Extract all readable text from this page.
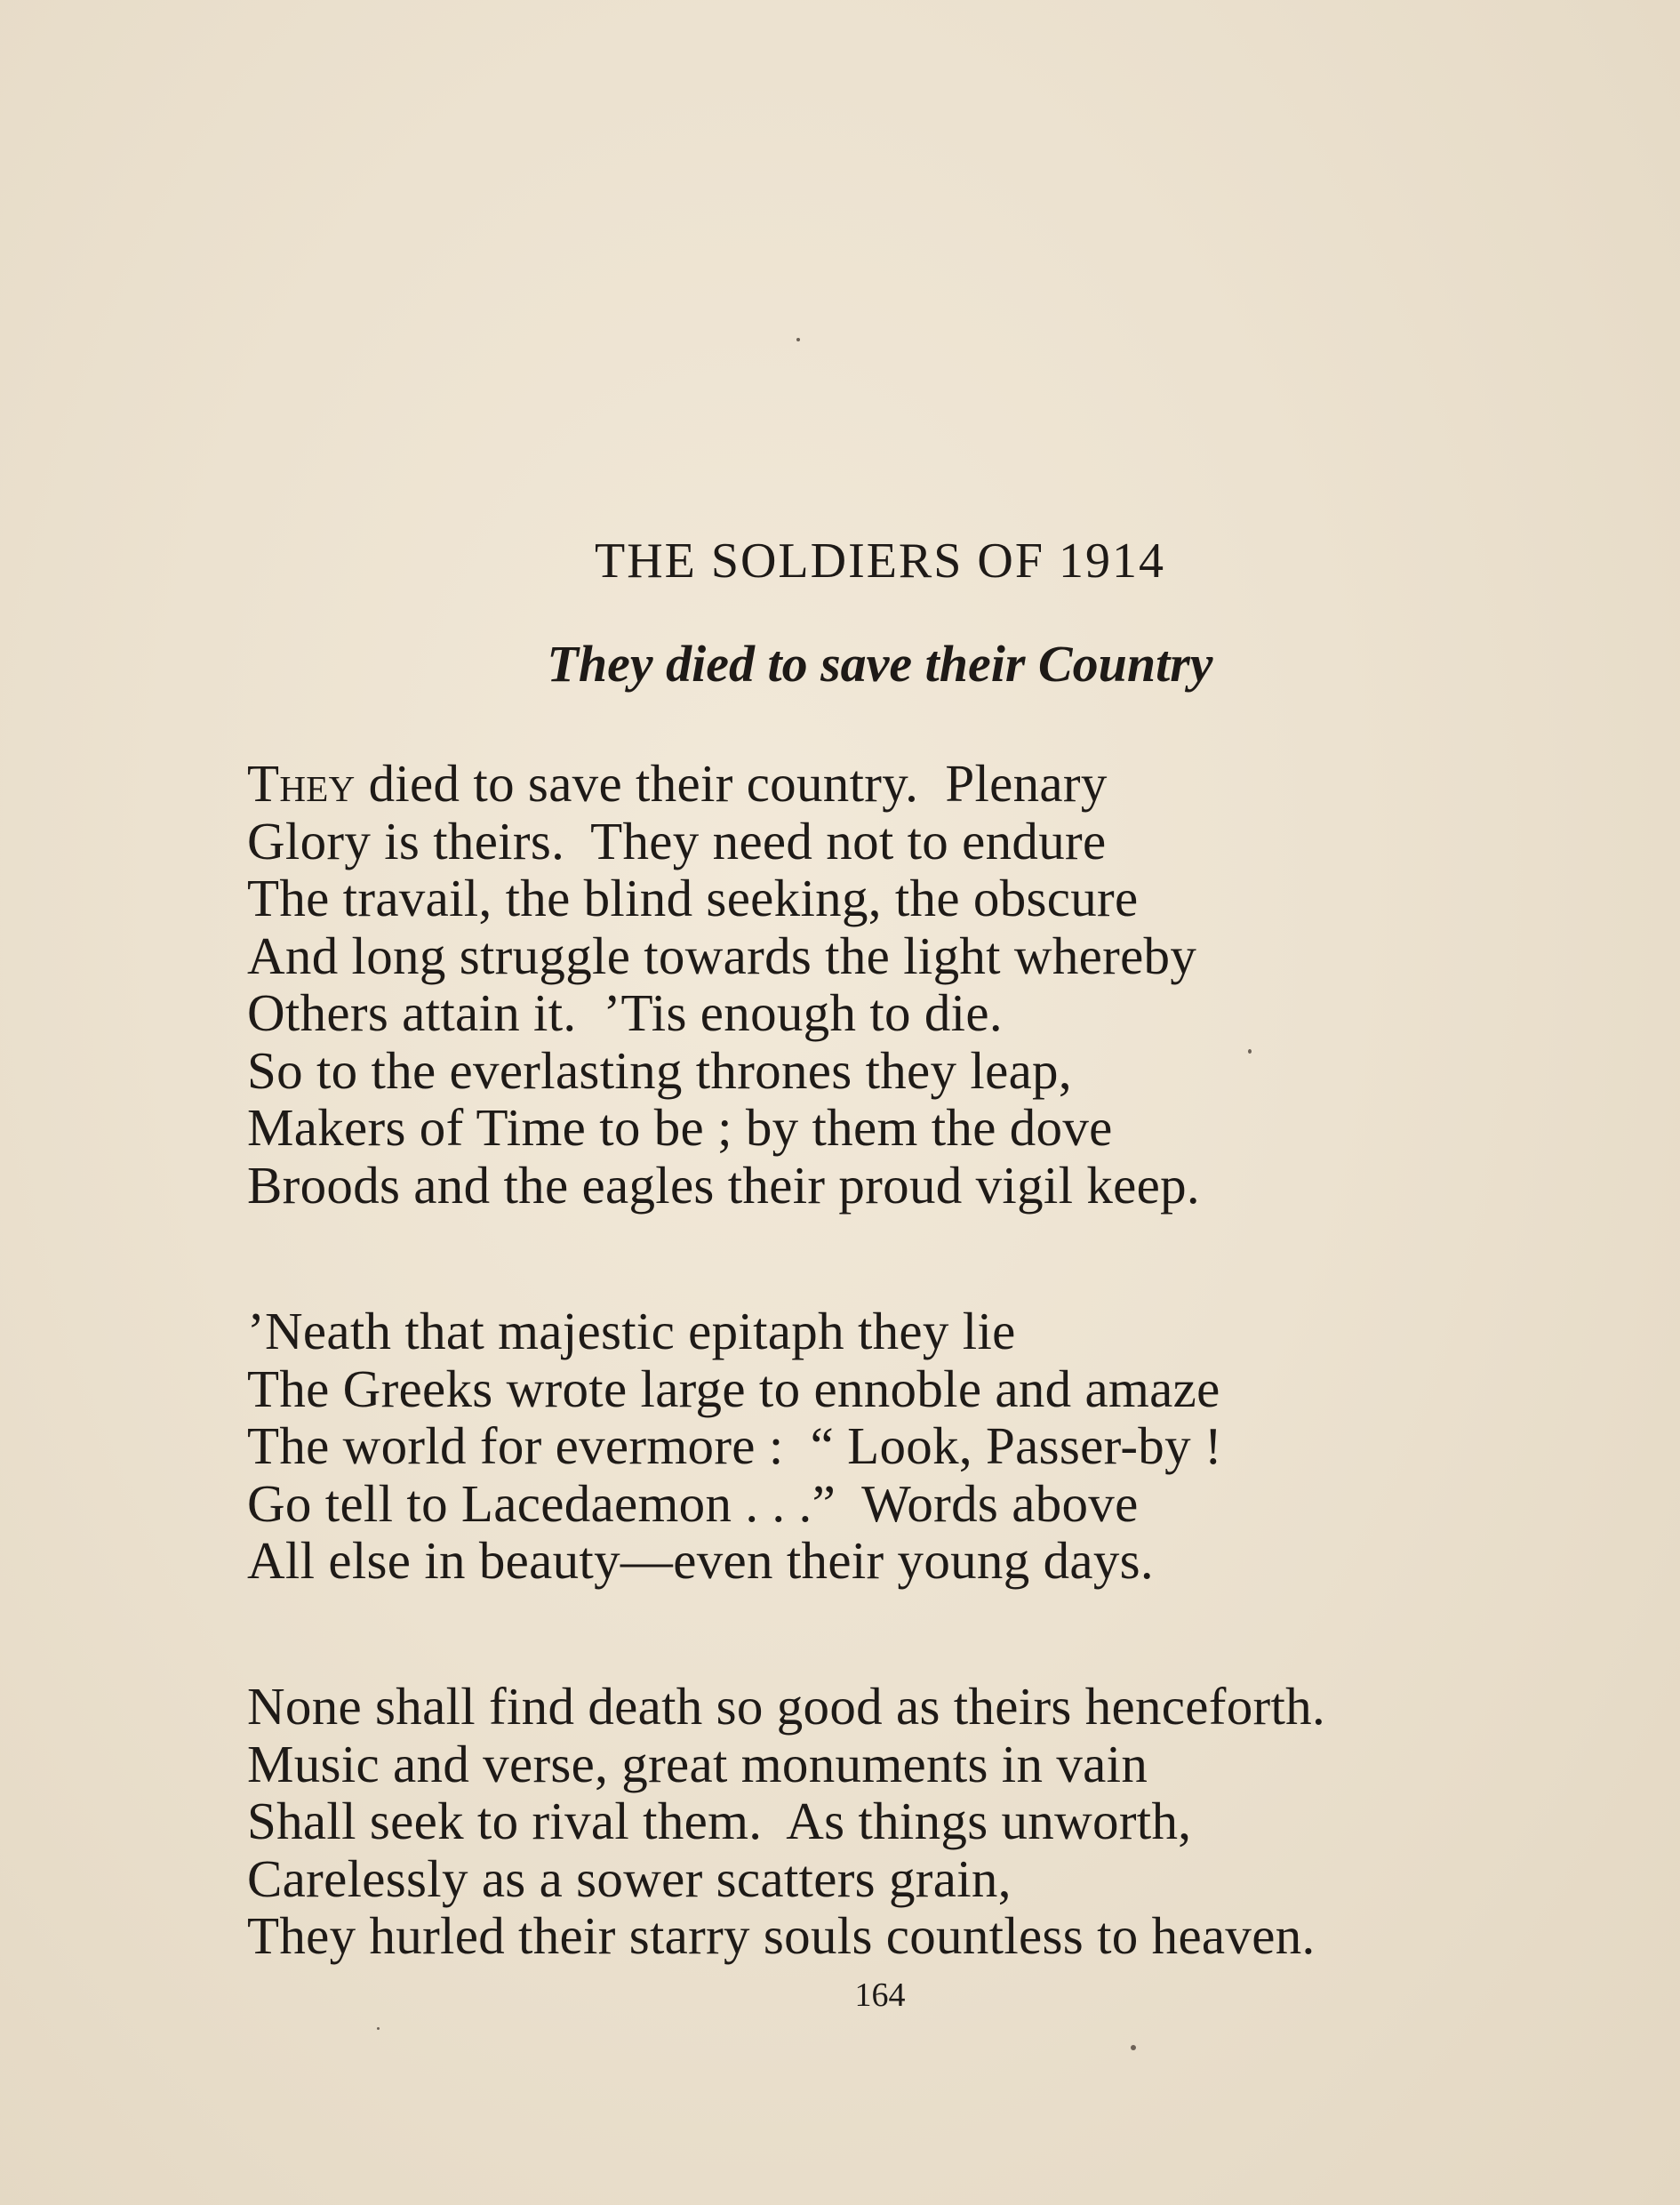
THE SOLDIERS OF 1914
They died to save their Country
They died to save their country.  Plenary
Glory is theirs.  They need not to endure
The travail, the blind seeking, the obscure
And long struggle towards the light whereby
Others attain it.  ’Tis enough to die.
So to the everlasting thrones they leap,
Makers of Time to be ; by them the dove
Broods and the eagles their proud vigil keep.
’Neath that majestic epitaph they lie
The Greeks wrote large to ennoble and amaze
The world for evermore :  “ Look, Passer-by !
Go tell to Lacedaemon . . .”  Words above
All else in beauty—even their young days.
None shall find death so good as theirs henceforth.
Music and verse, great monuments in vain
Shall seek to rival them.  As things unworth,
Carelessly as a sower scatters grain,
They hurled their starry souls countless to heaven.
164
